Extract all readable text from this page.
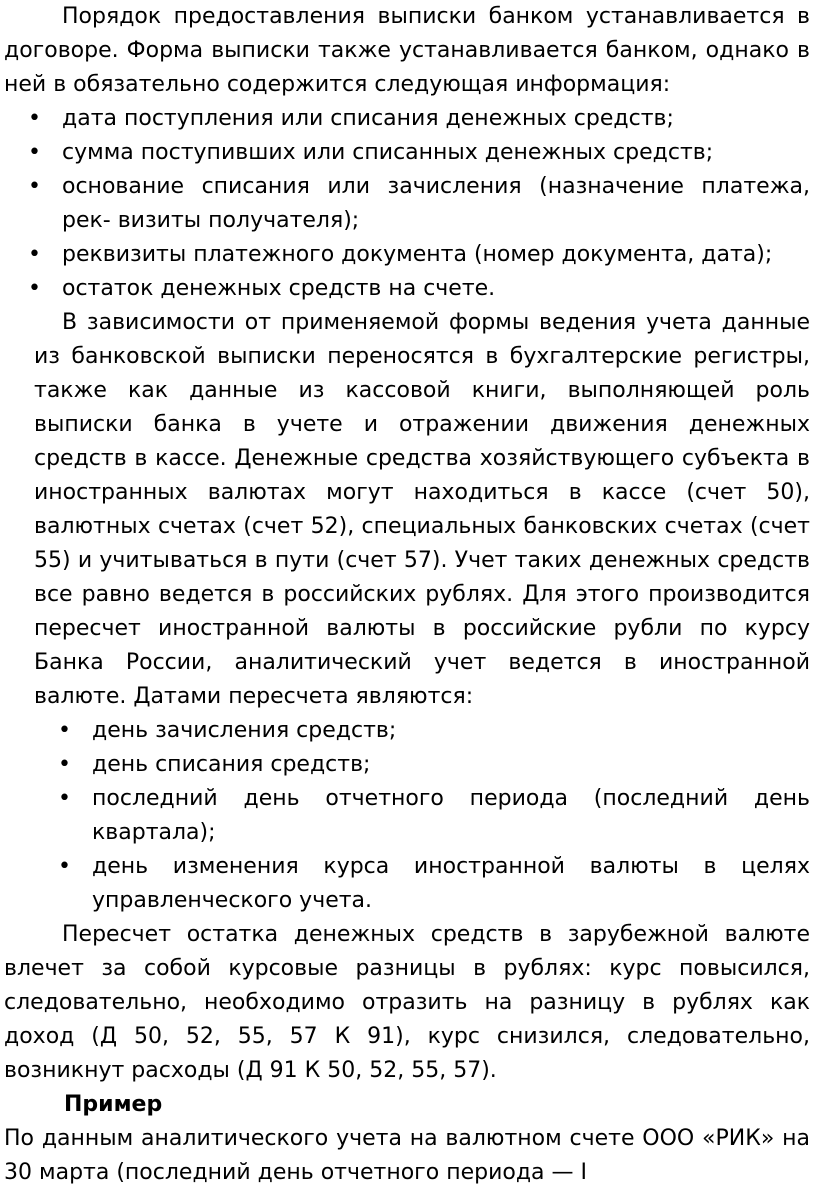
Порядок предоставления выписки банком устанавливается в договоре. Форма выписки также устанавливается банком, однако в ней в обязательно содержится следующая информация:

• дата поступления или списания денежных средств;
• сумма поступивших или списанных денежных средств;
• основание списания или зачисления (назначение платежа, рек- визиты получателя);
• реквизиты платежного документа (номер документа, дата);
• остаток денежных средств на счете.

В зависимости от применяемой формы ведения учета данные из банковской выписки переносятся в бухгалтерские регистры, также как данные из кассовой книги, выполняющей роль выписки банка в учете и отражении движения денежных средств в кассе. Денежные средства хозяйствующего субъекта в иностранных валютах могут находиться в кассе (счет 50), валютных счетах (счет 52), специальных банковских счетах (счет 55) и учитываться в пути (счет 57). Учет таких денежных средств все равно ведется в российских рублях. Для этого производится пересчет иностранной валюты в российские рубли по курсу Банка России, аналитический учет ведется в иностранной валюте. Датами пересчета являются:

• день зачисления средств;
• день списания средств;
• последний день отчетного периода (последний день квартала);
• день изменения курса иностранной валюты в целях управленческого учета.

Пересчет остатка денежных средств в зарубежной валюте влечет за собой курсовые разницы в рублях: курс повысился, следовательно, необходимо отразить на разницу в рублях как доход (Д 50, 52, 55, 57 К 91), курс снизился, следовательно, возникнут расходы (Д 91 К 50, 52, 55, 57).

Пример

По данным аналитического учета на валютном счете ООО «РИК» на 30 марта (последний день отчетного периода — I
